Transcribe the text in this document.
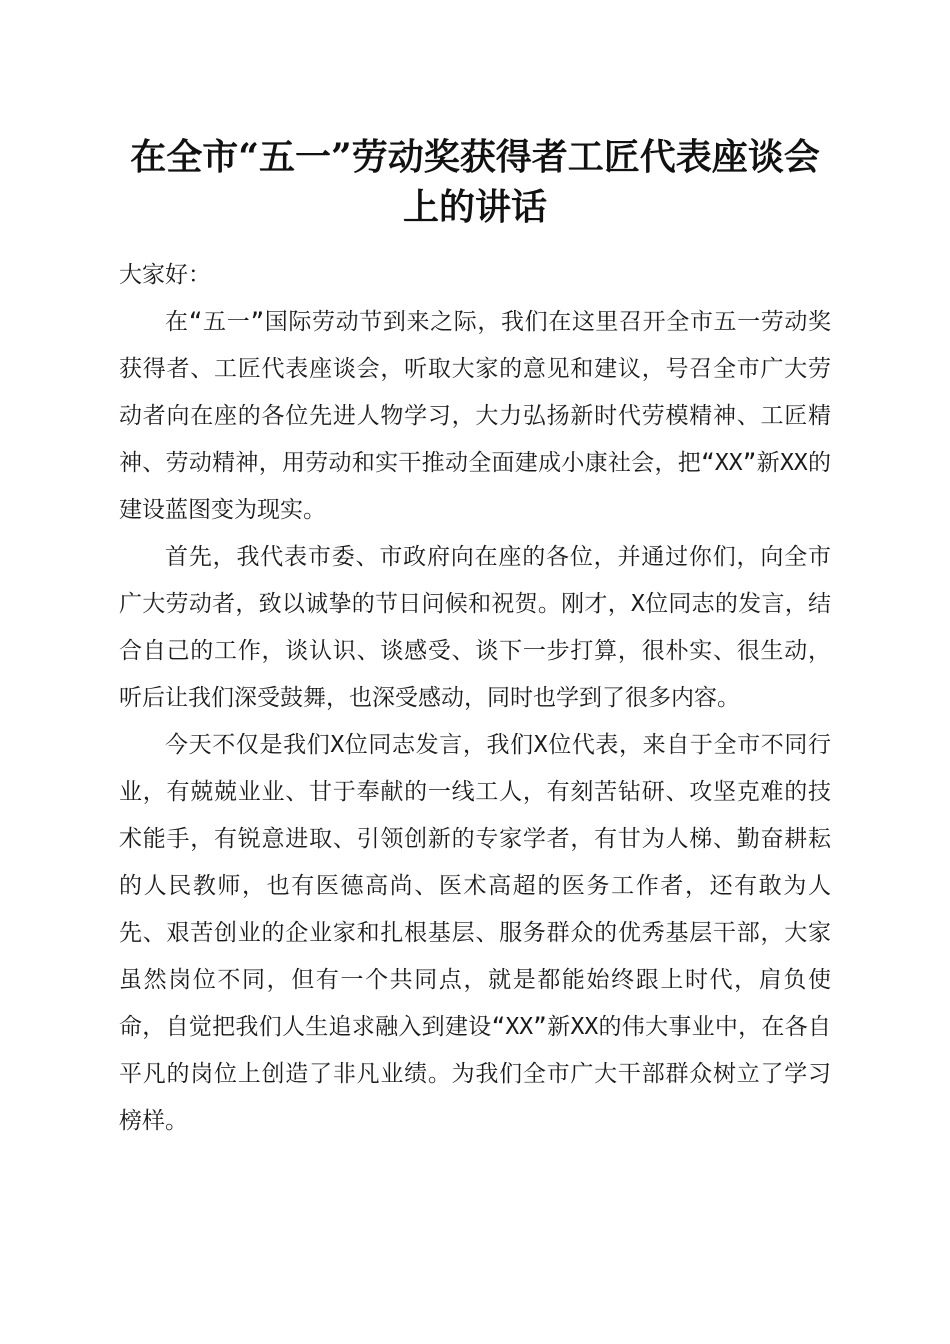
在全市“五一”劳动奖获得者工匠代表座谈会
上的讲话

大家好：

在“五一”国际劳动节到来之际，我们在这里召开全市五一劳动奖获得者、工匠代表座谈会，听取大家的意见和建议，号召全市广大劳动者向在座的各位先进人物学习，大力弘扬新时代劳模精神、工匠精神、劳动精神，用劳动和实干推动全面建成小康社会，把“XX”新XX的建设蓝图变为现实。

首先，我代表市委、市政府向在座的各位，并通过你们，向全市广大劳动者，致以诚挚的节日问候和祝贺。刚才，X位同志的发言，结合自己的工作，谈认识、谈感受、谈下一步打算，很朴实、很生动，听后让我们深受鼓舞，也深受感动，同时也学到了很多内容。

今天不仅是我们X位同志发言，我们X位代表，来自于全市不同行业，有兢兢业业、甘于奉献的一线工人，有刻苦钻研、攻坚克难的技术能手，有锐意进取、引领创新的专家学者，有甘为人梯、勤奋耕耘的人民教师，也有医德高尚、医术高超的医务工作者，还有敢为人先、艰苦创业的企业家和扎根基层、服务群众的优秀基层干部，大家虽然岗位不同，但有一个共同点，就是都能始终跟上时代，肩负使命，自觉把我们人生追求融入到建设“XX”新XX的伟大事业中，在各自平凡的岗位上创造了非凡业绩。为我们全市广大干部群众树立了学习榜样。
